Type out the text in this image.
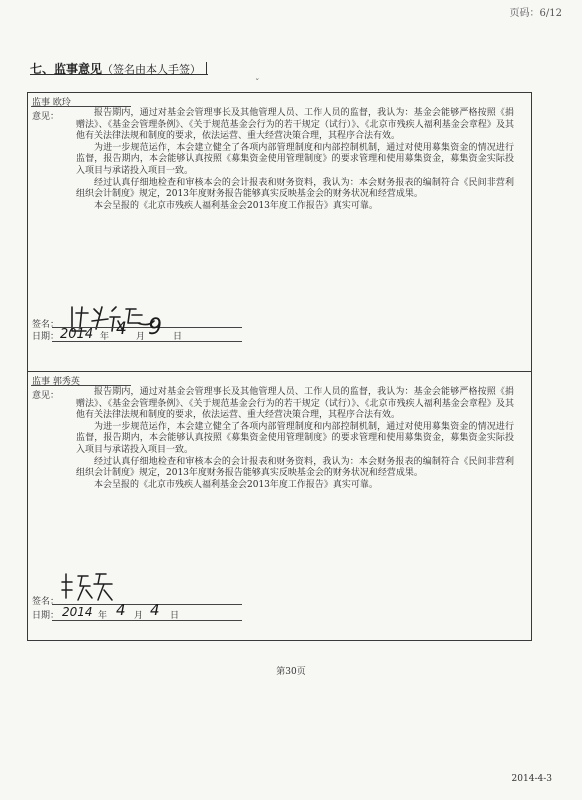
页码：6/12
七、监事意见（签名由本人手签）
ˇ
监事 欧玲
意见：	报告期内，通过对基金会管理事长及其他管理人员、工作人员的监督，我认为：基金会能够严格按照《捐赠法》、《基金会管理条例》、《关于规范基金会行为的若干规定（试行）》、《北京市残疾人福利基金会章程》及其他有关法律法规和制度的要求，依法运营、重大经营决策合理，其程序合法有效。

为进一步规范运作，本会建立健全了各项内部管理制度和内部控制机制，通过对使用募集资金的情况进行监督，报告期内，本会能够认真按照《募集资金使用管理制度》的要求管理和使用募集资金，募集资金实际投入项目与承诺投入项目一致。

经过认真仔细地检查和审核本会的会计报表和财务资料，我认为：本会财务报表的编制符合《民间非营利组织会计制度》规定，2013年度财务报告能够真实反映基金会的财务状况和经营成果。

本会呈报的《北京市残疾人福利基金会2013年度工作报告》真实可靠。

签名：
日期： 2014 年 4 月 9 日
监事 郭秀英
意见：	报告期内，通过对基金会管理事长及其他管理人员、工作人员的监督，我认为：基金会能够严格按照《捐赠法》、《基金会管理条例》、《关于规范基金会行为的若干规定（试行）》、《北京市残疾人福利基金会章程》及其他有关法律法规和制度的要求，依法运营、重大经营决策合理，其程序合法有效。

为进一步规范运作，本会建立健全了各项内部管理制度和内部控制机制，通过对使用募集资金的情况进行监督，报告期内，本会能够认真按照《募集资金使用管理制度》的要求管理和使用募集资金，募集资金实际投入项目与承诺投入项目一致。

经过认真仔细地检查和审核本会的会计报表和财务资料，我认为：本会财务报表的编制符合《民间非营利组织会计制度》规定，2013年度财务报告能够真实反映基金会的财务状况和经营成果。

本会呈报的《北京市残疾人福利基金会2013年度工作报告》真实可靠。

签名：
日期： 2014 年 4 月 4 日
第30页
2014-4-3
